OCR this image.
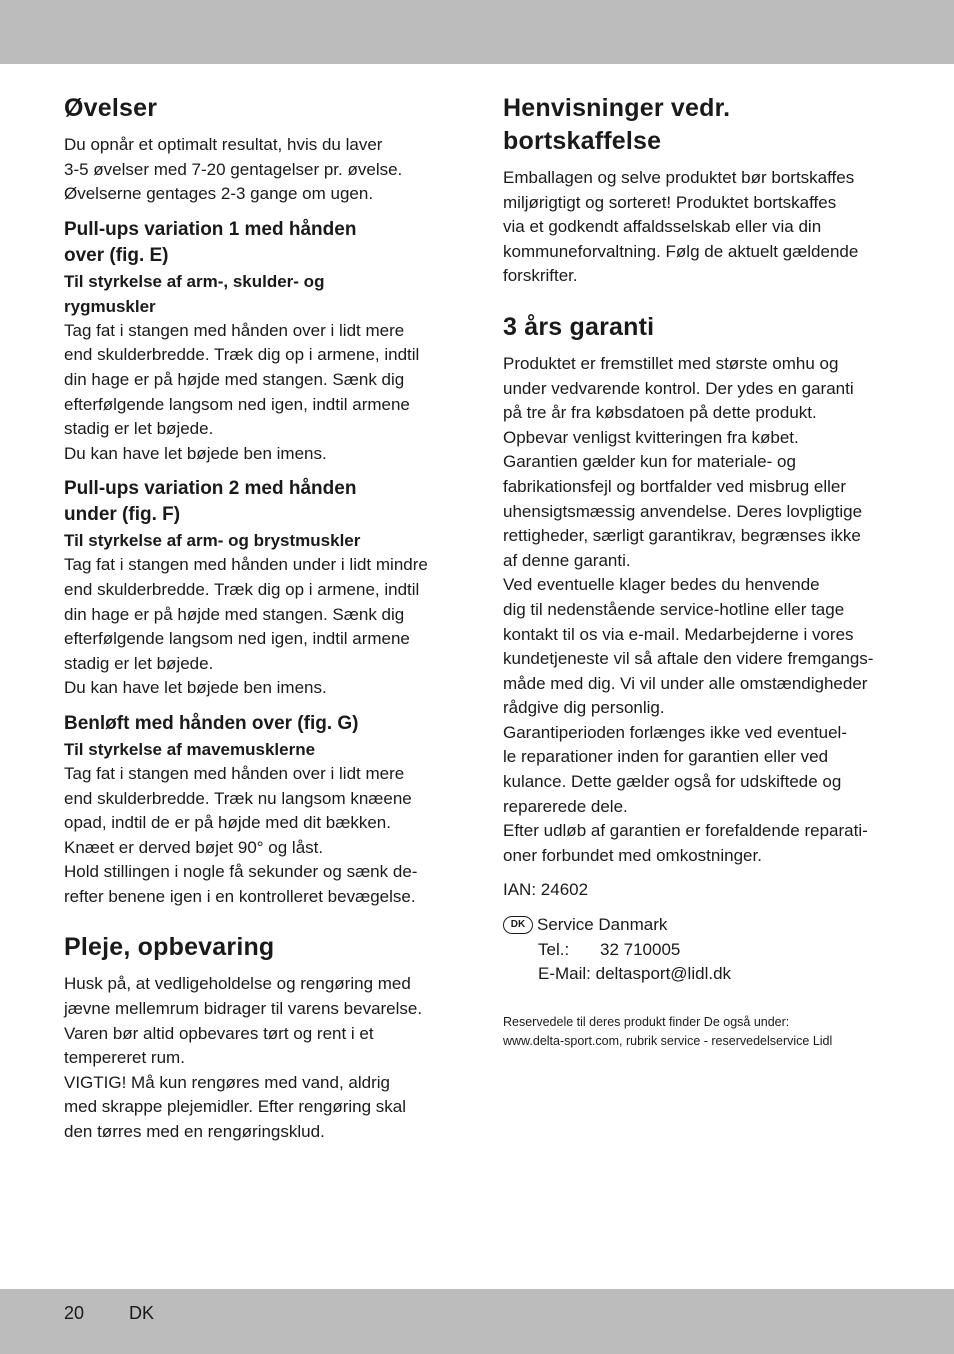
Øvelser

Du opnår et optimalt resultat, hvis du laver
3-5 øvelser med 7-20 gentagelser pr. øvelse.
Øvelserne gentages 2-3 gange om ugen.

Pull-ups variation 1 med hånden
over (fig. E)
Til styrkelse af arm-, skulder- og
rygmuskler

Tag fat i stangen med hånden over i lidt mere
end skulderbredde. Træk dig op i armene, indtil
din hage er på højde med stangen. Sænk dig
efterfølgende langsom ned igen, indtil armene
stadig er let bøjede.
Du kan have let bøjede ben imens.

Pull-ups variation 2 med hånden
under (fig. F)
Til styrkelse af arm- og brystmuskler

Tag fat i stangen med hånden under i lidt mindre
end skulderbredde. Træk dig op i armene, indtil
din hage er på højde med stangen. Sænk dig
efterfølgende langsom ned igen, indtil armene
stadig er let bøjede.
Du kan have let bøjede ben imens.

Benløft med hånden over (fig. G)
Til styrkelse af mavemusklerne

Tag fat i stangen med hånden over i lidt mere
end skulderbredde. Træk nu langsom knæene
opad, indtil de er på højde med dit bækken.
Knæet er derved bøjet 90° og låst.
Hold stillingen i nogle få sekunder og sænk de-
refter benene igen i en kontrolleret bevægelse.

Pleje, opbevaring

Husk på, at vedligeholdelse og rengøring med
jævne mellemrum bidrager til varens bevarelse.
Varen bør altid opbevares tørt og rent i et
tempereret rum.
VIGTIG! Må kun rengøres med vand, aldrig
med skrappe plejemidler. Efter rengøring skal
den tørres med en rengøringsklud.

Henvisninger vedr.
bortskaffelse

Emballagen og selve produktet bør bortskaffes
miljørigtigt og sorteret! Produktet bortskaffes
via et godkendt affaldsselskab eller via din
kommuneforvaltning. Følg de aktuelt gældende
forskrifter.

3 års garanti

Produktet er fremstillet med største omhu og
under vedvarende kontrol. Der ydes en garanti
på tre år fra købsdatoen på dette produkt.
Opbevar venligst kvitteringen fra købet.
Garantien gælder kun for materiale- og
fabrikationsfejl og bortfalder ved misbrug eller
uhensigtsmæssig anvendelse. Deres lovpligtige
rettigheder, særligt garantikrav, begrænses ikke
af denne garanti.
Ved eventuelle klager bedes du henvende
dig til nedenstående service-hotline eller tage
kontakt til os via e-mail. Medarbejderne i vores
kundetjeneste vil så aftale den videre fremgangs-
måde med dig. Vi vil under alle omstændigheder
rådgive dig personlig.
Garantiperioden forlænges ikke ved eventuel-
le reparationer inden for garantien eller ved
kulance. Dette gælder også for udskiftede og
reparerede dele.
Efter udløb af garantien er forefaldende reparati-
oner forbundet med omkostninger.

IAN: 24602

DK Service Danmark
Tel.: 32 710005
E-Mail: deltasport@lidl.dk

Reservedele til deres produkt finder De også under:
www.delta-sport.com, rubrik service - reservedelservice Lidl

20 DK
